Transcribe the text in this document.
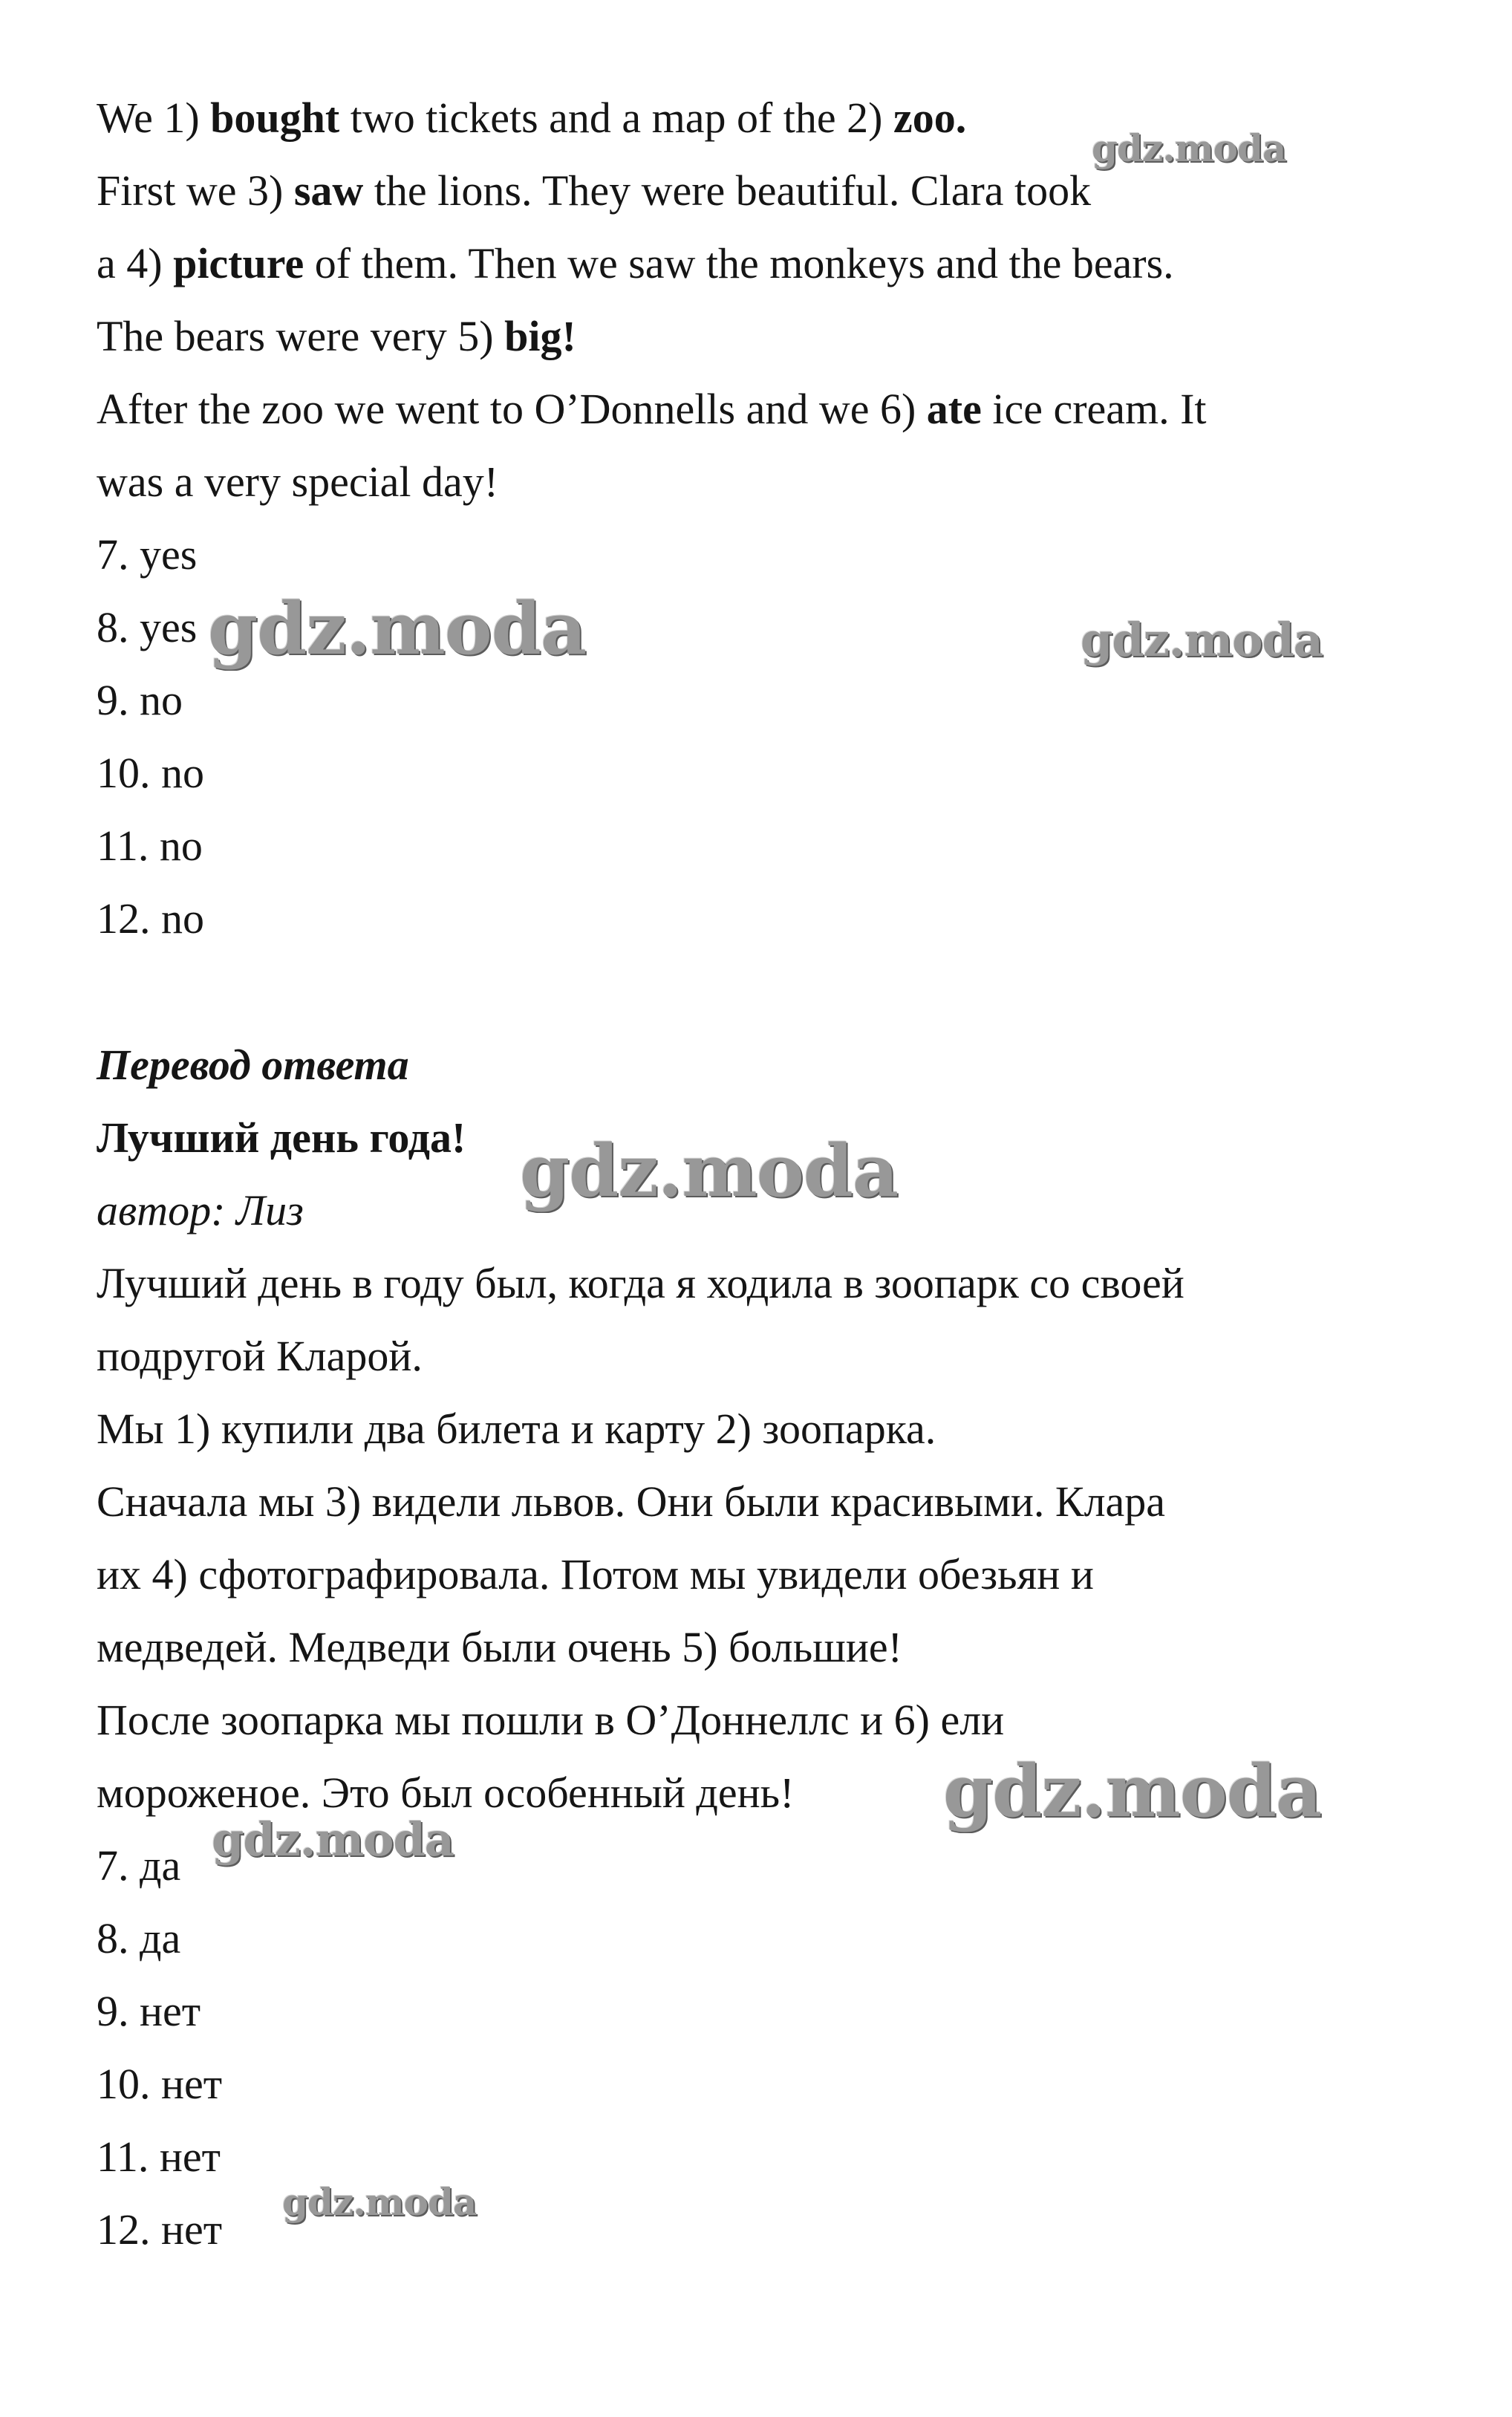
We 1) bought two tickets and a map of the 2) zoo.
First we 3) saw the lions. They were beautiful. Clara took
a 4) picture of them. Then we saw the monkeys and the bears.
The bears were very 5) big!
After the zoo we went to O’Donnells and we 6) ate ice cream. It
was a very special day!
7. yes
8. yes
9. no
10. no
11. no
12. no
Перевод ответа
Лучший день года!
автор: Лиз
Лучший день в году был, когда я ходила в зоопарк со своей
подругой Кларой.
Мы 1) купили два билета и карту 2) зоопарка.
Сначала мы 3) видели львов. Они были красивыми. Клара
их 4) сфотографировала. Потом мы увидели обезьян и
медведей. Медведи были очень 5) большие!
После зоопарка мы пошли в О’Доннеллс и 6) ели
мороженое. Это был особенный день!
7. да
8. да
9. нет
10. нет
11. нет
12. нет
gdz.moda
gdz.moda	gdz.moda
gdz.moda
gdz.moda
gdz.moda
gdz.moda
